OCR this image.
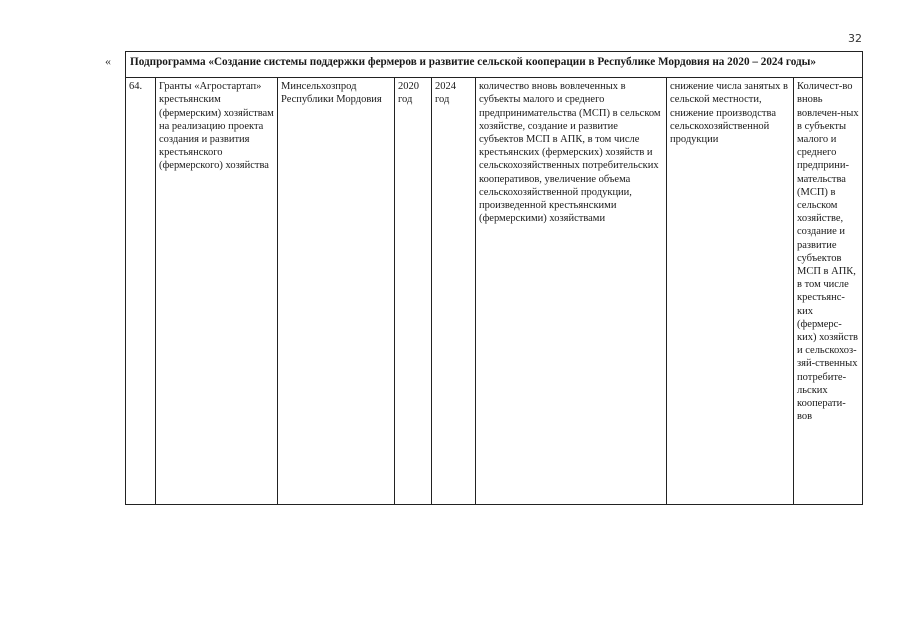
32
« Подпрограмма «Создание системы поддержки фермеров и развитие сельской кооперации в Республике Мордовия на 2020 – 2024 годы»
64.	Гранты «Агростартап» крестьянским (фермерским) хозяйствам на реализацию проекта создания и развития крестьянского (фермерского) хозяйства	Минсельхозпрод Республики Мордовия	2020 год	2024 год	количество вновь вовлеченных в субъекты малого и среднего предпринимательства (МСП) в сельском хозяйстве, создание и развитие субъектов МСП в АПК, в том числе крестьянских (фермерских) хозяйств и сельскохозяйственных потребительских кооперативов, увеличение объема сельскохозяйственной продукции, произведенной крестьянскими (фермерскими) хозяйствами	снижение числа занятых в сельской местности, снижение производства сельскохозяйственной продукции	Количест-во вновь вовлечен-ных в субъекты малого и среднего предприни-мательства (МСП) в сельском хозяйстве, создание и развитие субъектов МСП в АПК, в том числе крестьянс-ких (фермерс-ких) хозяйств и сельскохоз-зяй-ственных потребите-льских кооперати-вов
